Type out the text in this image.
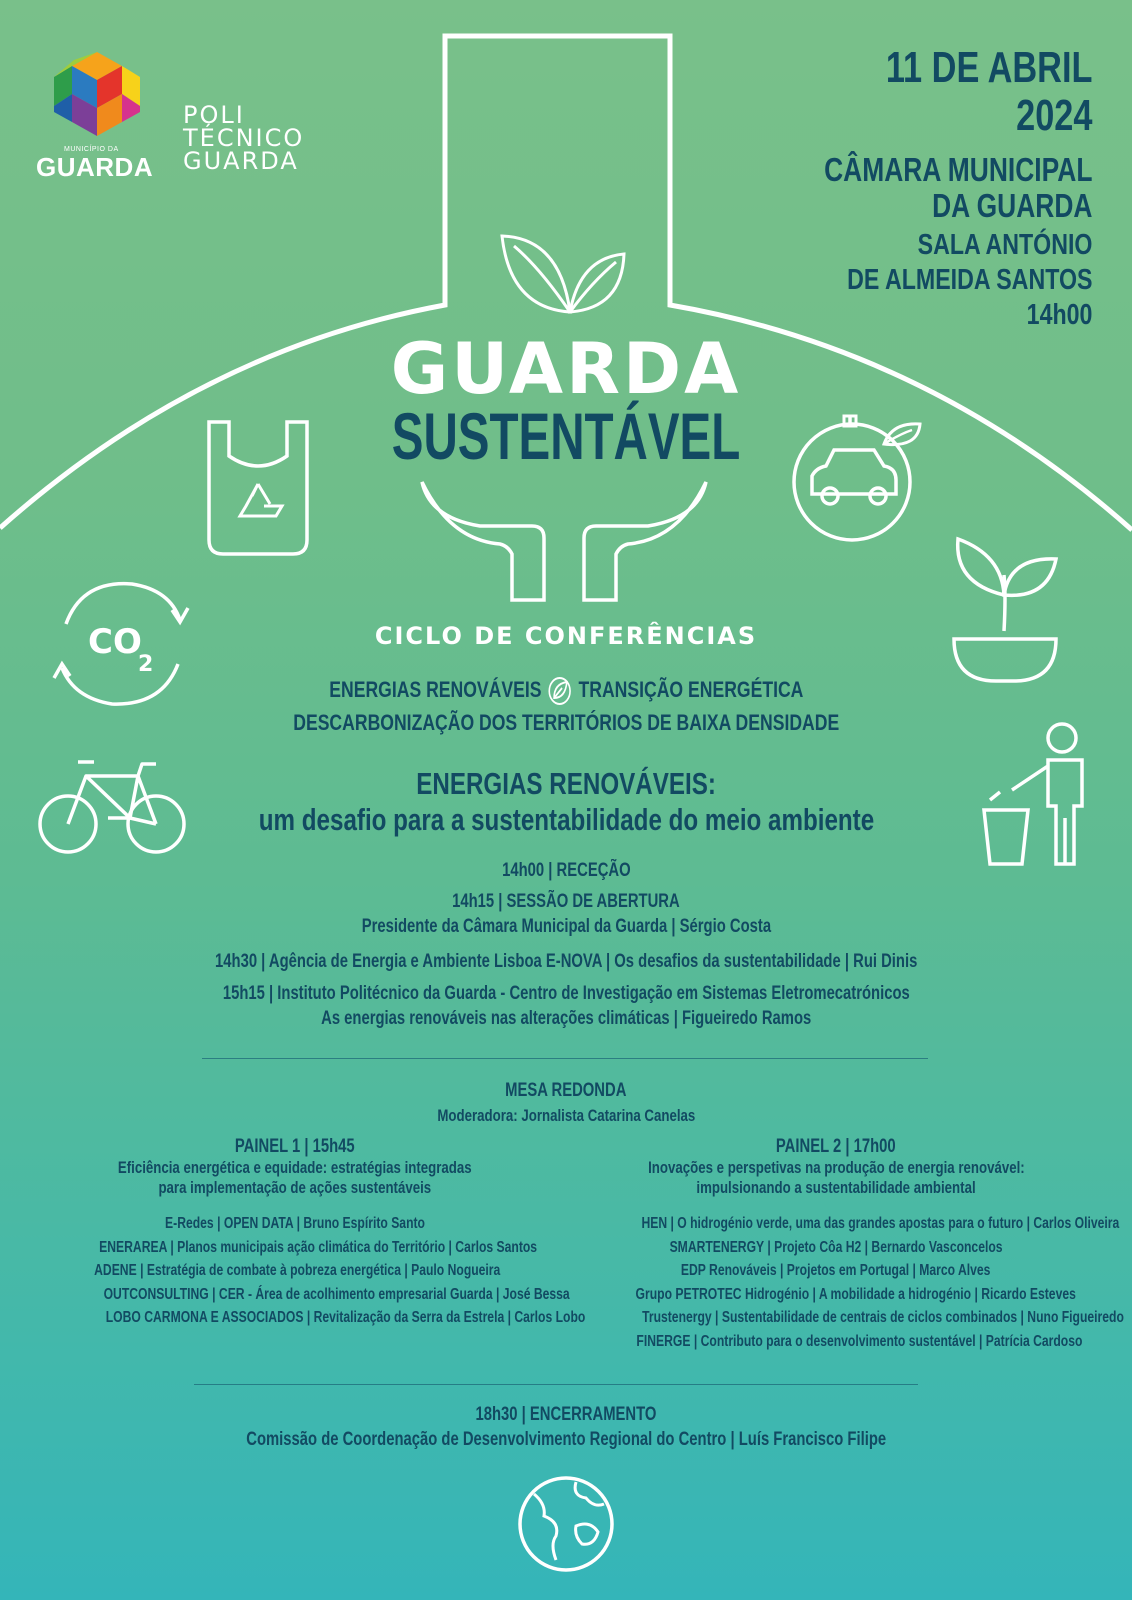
MUNICÍPIO DA
GUARDA
POLI
TÉCNICO
GUARDA
11 DE ABRIL
2024
CÂMARA MUNICIPAL
DA GUARDA
SALA ANTÓNIO
DE ALMEIDA SANTOS
14h00
GUARDA
SUSTENTÁVEL
CO
2
CICLO DE CONFERÊNCIAS
ENERGIAS RENOVÁVEIS TRANSIÇÃO ENERGÉTICA
DESCARBONIZAÇÃO DOS TERRITÓRIOS DE BAIXA DENSIDADE
ENERGIAS RENOVÁVEIS:
um desafio para a sustentabilidade do meio ambiente
14h00 | RECEÇÃO
14h15 | SESSÃO DE ABERTURA
Presidente da Câmara Municipal da Guarda | Sérgio Costa
14h30 | Agência de Energia e Ambiente Lisboa E-NOVA | Os desafios da sustentabilidade | Rui Dinis
15h15 | Instituto Politécnico da Guarda - Centro de Investigação em Sistemas Eletromecatrónicos
As energias renováveis nas alterações climáticas | Figueiredo Ramos
MESA REDONDA
Moderadora: Jornalista Catarina Canelas
PAINEL 1 | 15h45
Eficiência energética e equidade: estratégias integradas
para implementação de ações sustentáveis
E-Redes | OPEN DATA | Bruno Espírito Santo
ENERAREA | Planos municipais ação climática do Território | Carlos Santos
ADENE | Estratégia de combate à pobreza energética | Paulo Nogueira
OUTCONSULTING | CER - Área de acolhimento empresarial Guarda | José Bessa
LOBO CARMONA E ASSOCIADOS | Revitalização da Serra da Estrela | Carlos Lobo
PAINEL 2 | 17h00
Inovações e perspetivas na produção de energia renovável:
impulsionando a sustentabilidade ambiental
HEN | O hidrogénio verde, uma das grandes apostas para o futuro | Carlos Oliveira
SMARTENERGY | Projeto Côa H2 | Bernardo Vasconcelos
EDP Renováveis | Projetos em Portugal | Marco Alves
Grupo PETROTEC Hidrogénio | A mobilidade a hidrogénio | Ricardo Esteves
Trustenergy | Sustentabilidade de centrais de ciclos combinados | Nuno Figueiredo
FINERGE | Contributo para o desenvolvimento sustentável | Patrícia Cardoso
18h30 | ENCERRAMENTO
Comissão de Coordenação de Desenvolvimento Regional do Centro | Luís Francisco Filipe
